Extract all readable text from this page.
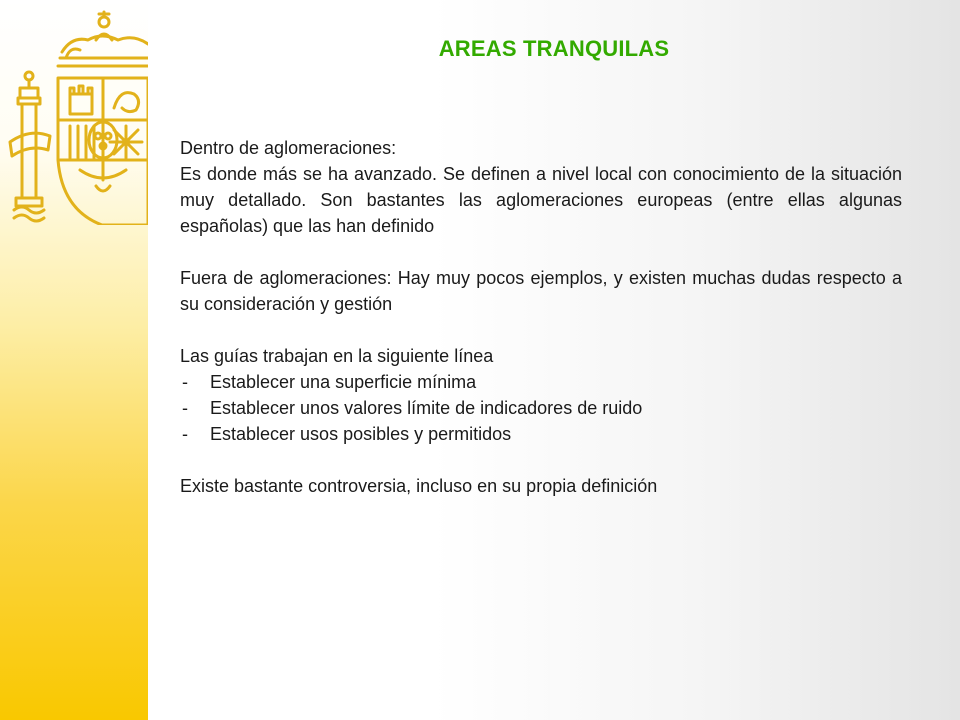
AREAS TRANQUILAS

Dentro de aglomeraciones:

Es donde más se ha avanzado. Se definen a nivel local con conocimiento de la situación muy detallado. Son bastantes las aglomeraciones europeas (entre ellas algunas españolas) que las han definido

Fuera de aglomeraciones: Hay muy pocos ejemplos, y existen muchas dudas respecto a su consideración y gestión

Las guías trabajan en la siguiente línea

- Establecer una superficie mínima
- Establecer unos valores límite de indicadores de ruido
- Establecer usos posibles y permitidos

Existe bastante controversia, incluso en su propia definición
